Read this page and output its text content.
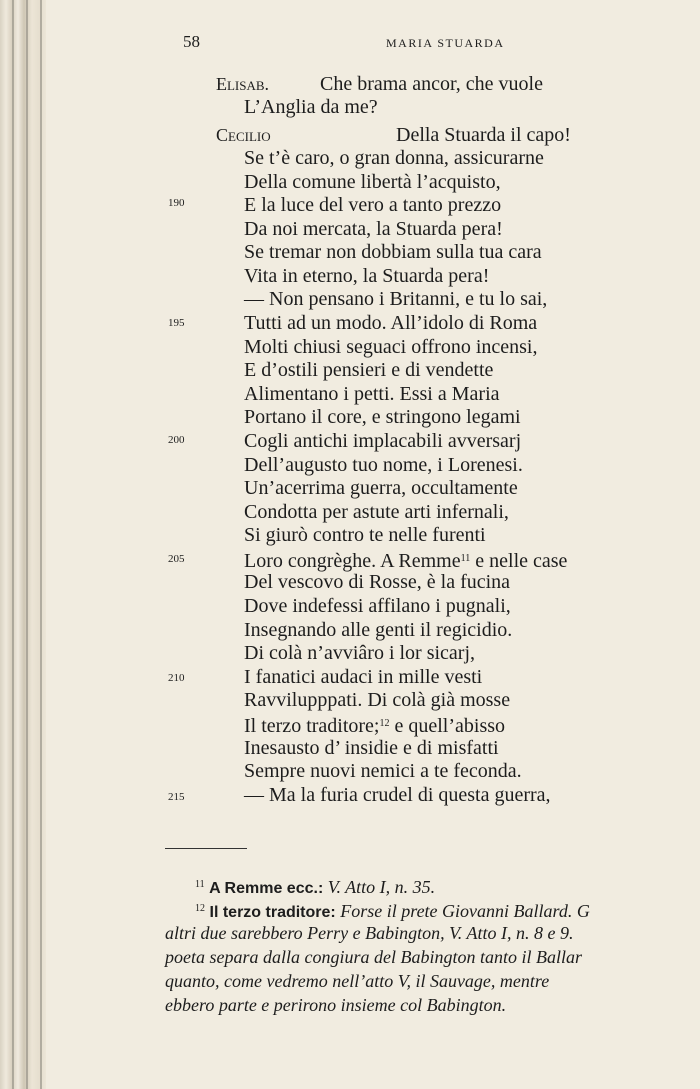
58	MARIA STUARDA
Elisab.	Che brama ancor, che vuole
L’Anglia da me?
Cecilio	Della Stuarda il capo!
Se t’è caro, o gran donna, assicurarne
Della comune libertà l’acquisto,
E la luce del vero a tanto prezzo
Da noi mercata, la Stuarda pera!
Se tremar non dobbiam sulla tua cara
Vita in eterno, la Stuarda pera!
— Non pensano i Britanni, e tu lo sai,
Tutti ad un modo. All’idolo di Roma
Molti chiusi seguaci offrono incensi,
E d’ostili pensieri e di vendette
Alimentano i petti. Essi a Maria
Portano il core, e stringono legami
Cogli antichi implacabili avversarj
Dell’augusto tuo nome, i Lorenesi.
Un’acerrima guerra, occultamente
Condotta per astute arti infernali,
Si giurò contro te nelle furenti
Loro congrèghe. A Remme$^{11}$ e nelle case
Del vescovo di Rosse, è la fucina
Dove indefessi affilano i pugnali,
Insegnando alle genti il regicidio.
Di colà n’avviâro i lor sicarj,
I fanatici audaci in mille vesti
Ravvilupppati. Di colà già mosse
Il terzo traditore;$^{12}$ e quell’abisso
Inesausto d’ insidie e di misfatti
Sempre nuovi nemici a te feconda.
— Ma la furia crudel di questa guerra,
190
195
200
205
210
215
$^{11}$ A Remme ecc.: V. Atto I, n. 35.
$^{12}$ Il terzo traditore: Forse il prete Giovanni Ballard. G
altri due sarebbero Perry e Babington, V. Atto I, n. 8 e 9.
poeta separa dalla congiura del Babington tanto il Ballar
quanto, come vedremo nell’atto V, il Sauvage, mentre
ebbero parte e perirono insieme col Babington.
